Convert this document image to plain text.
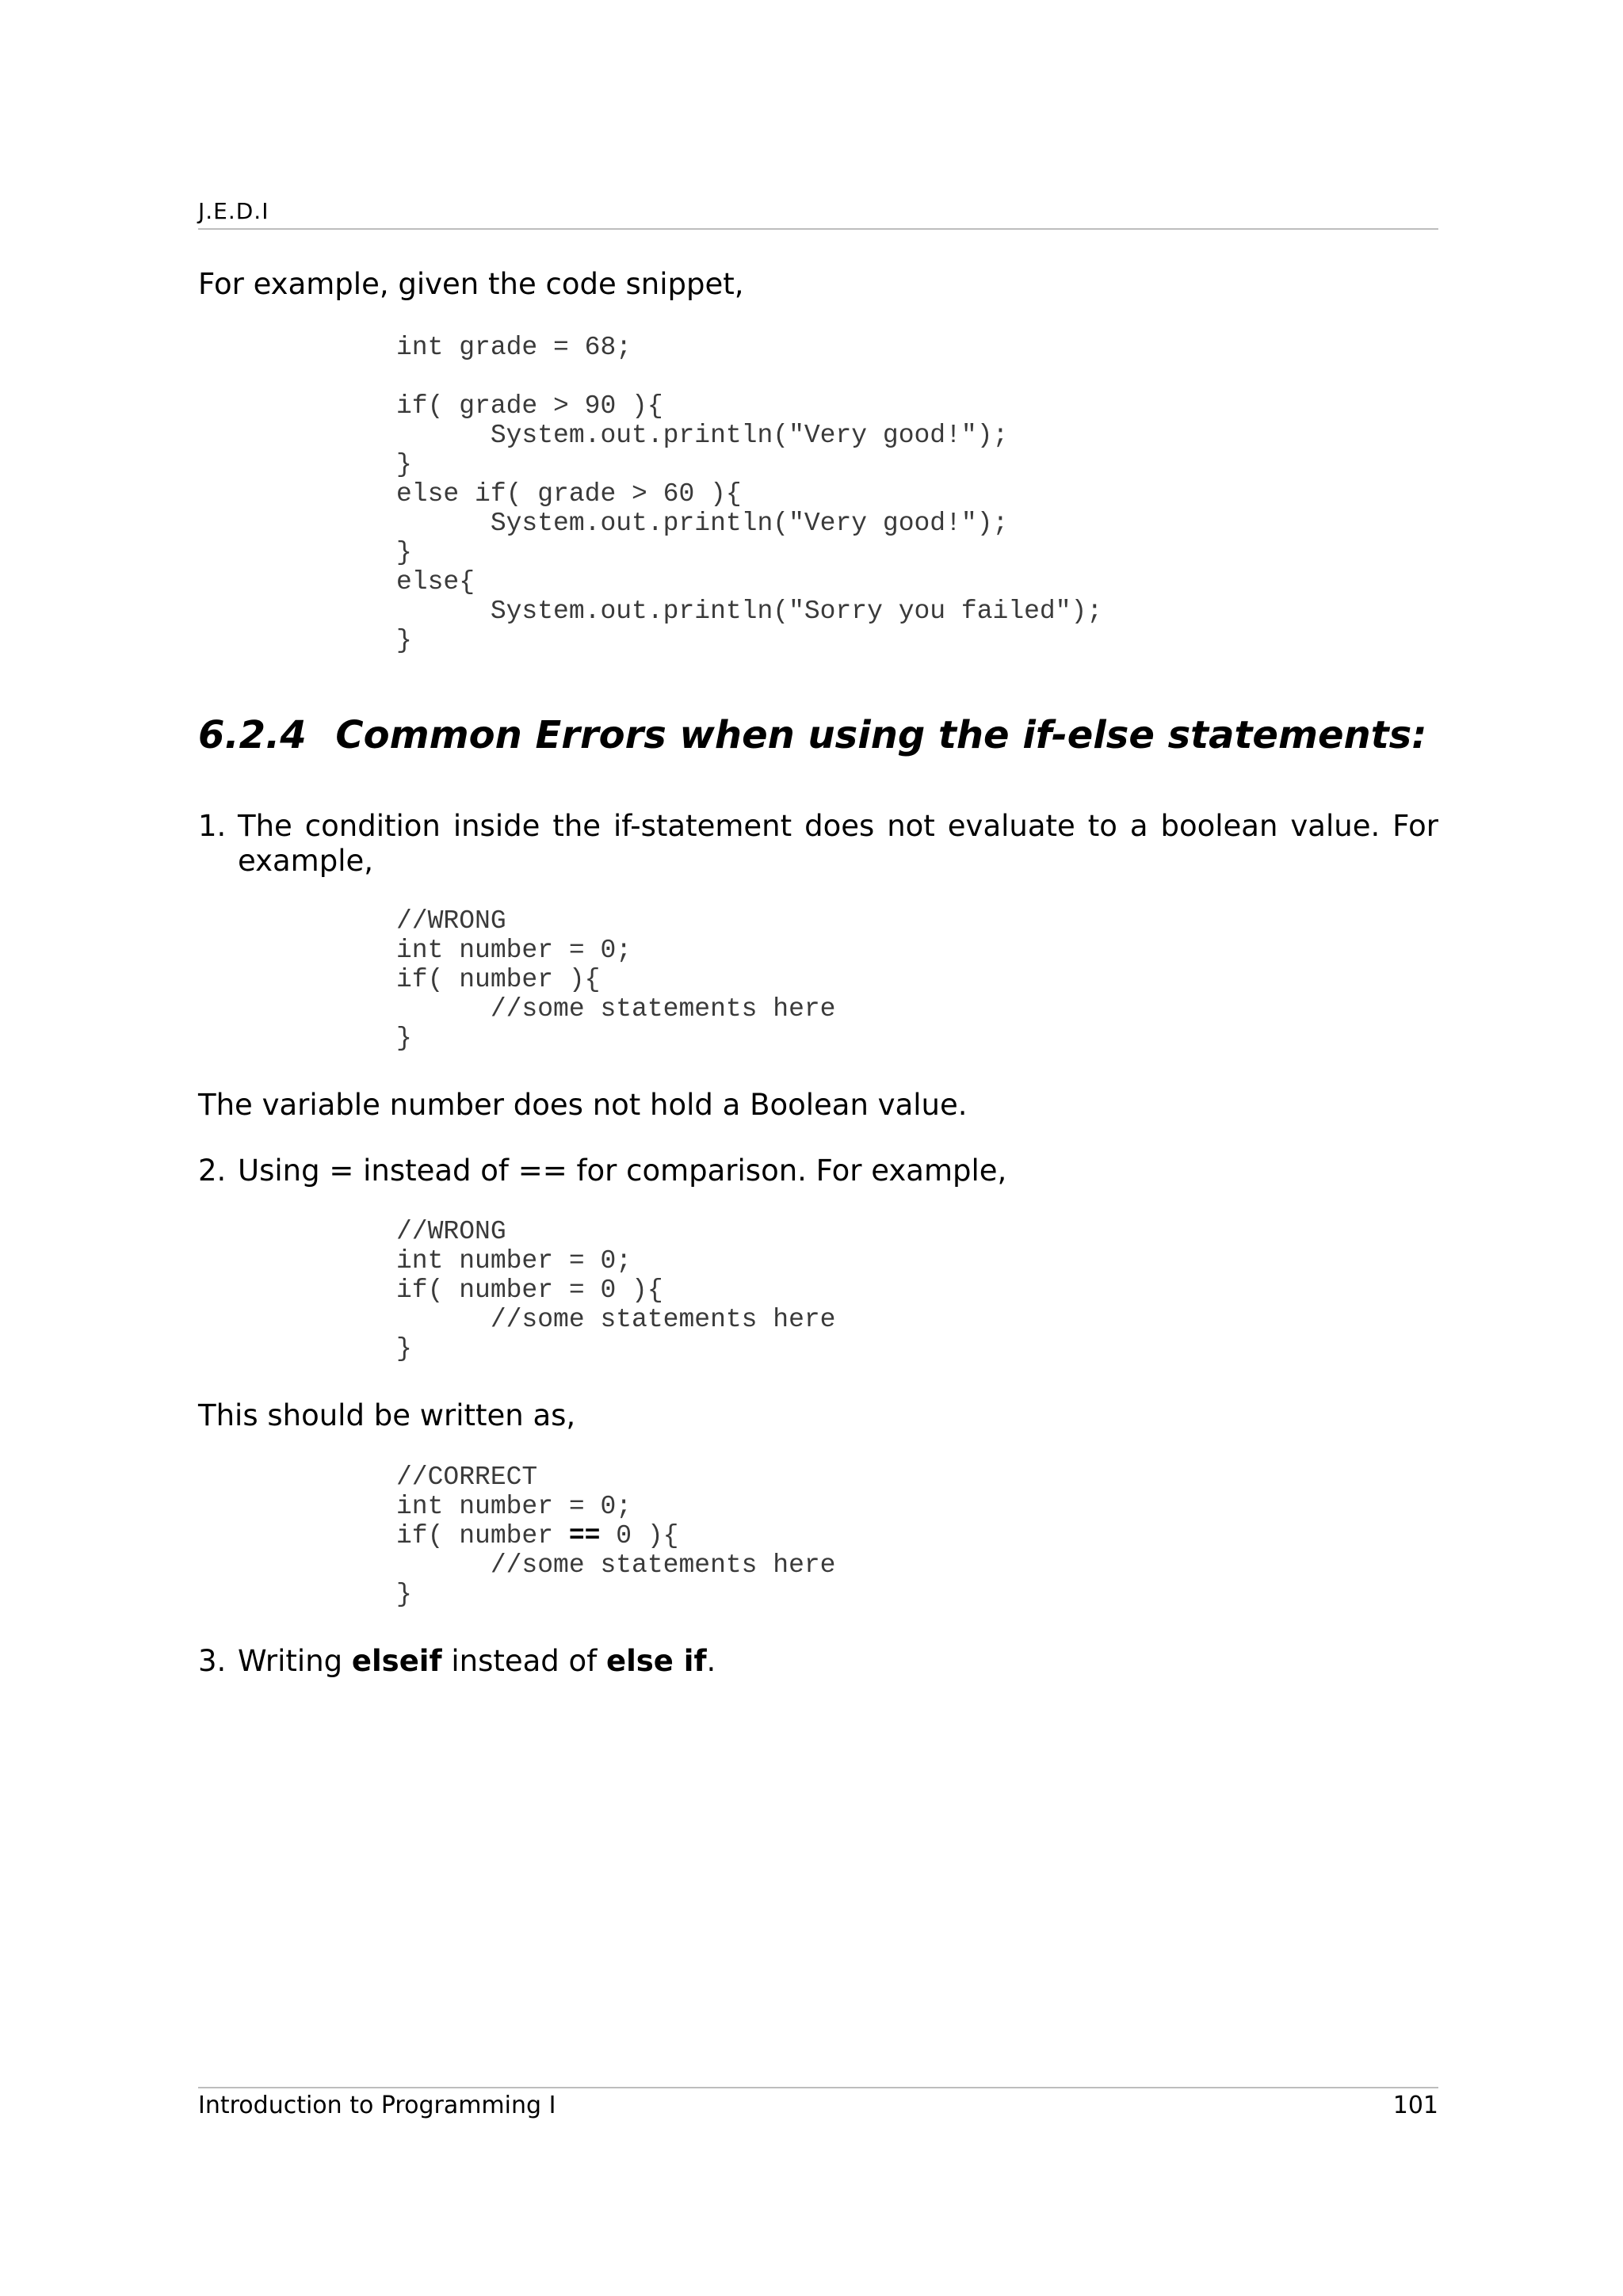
J.E.D.I
For example, given the code snippet,
int grade = 68;

if( grade > 90 ){
System.out.println("Very good!");
}
else if( grade > 60 ){
System.out.println("Very good!");
}
else{
System.out.println("Sorry you failed");
}
6.2.4 Common Errors when using the if-else statements:
1. The condition inside the if-statement does not evaluate to a boolean value. For example,
//WRONG
int number = 0;
if( number ){
//some statements here
}
The variable number does not hold a Boolean value.
2. Using = instead of == for comparison. For example,
//WRONG
int number = 0;
if( number = 0 ){
//some statements here
}
This should be written as,
//CORRECT
int number = 0;
if( number == 0 ){
//some statements here
}
3. Writing elseif instead of else if.
Introduction to Programming I	101
